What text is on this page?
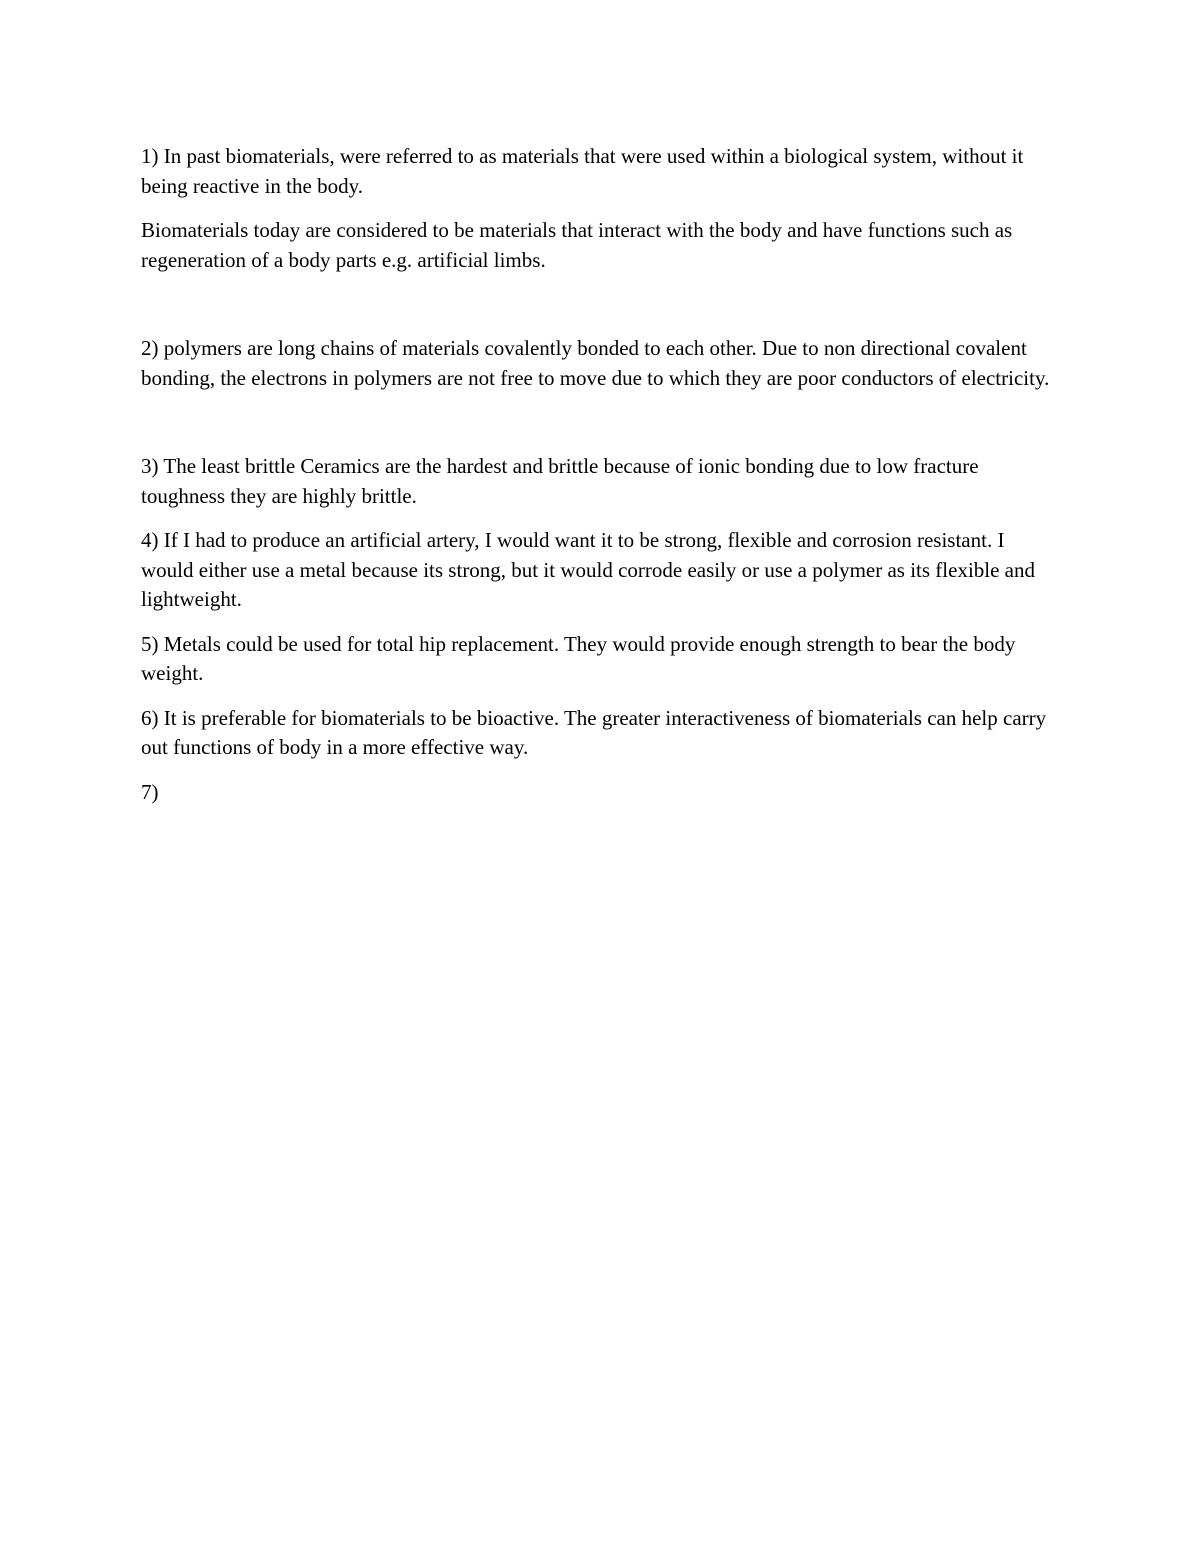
1) In past biomaterials, were referred to as materials that were used within a biological system, without it being reactive in the body.

Biomaterials today are considered to be materials that interact with the body and have functions such as regeneration of a body parts e.g. artificial limbs.

2) polymers are long chains of materials covalently bonded to each other. Due to non directional covalent bonding, the electrons in polymers are not free to move due to which they are poor conductors of electricity.

3) The least brittle Ceramics are the hardest and brittle because of ionic bonding due to low fracture toughness they are highly brittle.

4) If I had to produce an artificial artery, I would want it to be strong, flexible and corrosion resistant. I would either use a metal because its strong, but it would corrode easily or use a polymer as its flexible and lightweight.

5) Metals could be used for total hip replacement. They would provide enough strength to bear the body weight.

6) It is preferable for biomaterials to be bioactive. The greater interactiveness of biomaterials can help carry out functions of body in a more effective way.

7)
